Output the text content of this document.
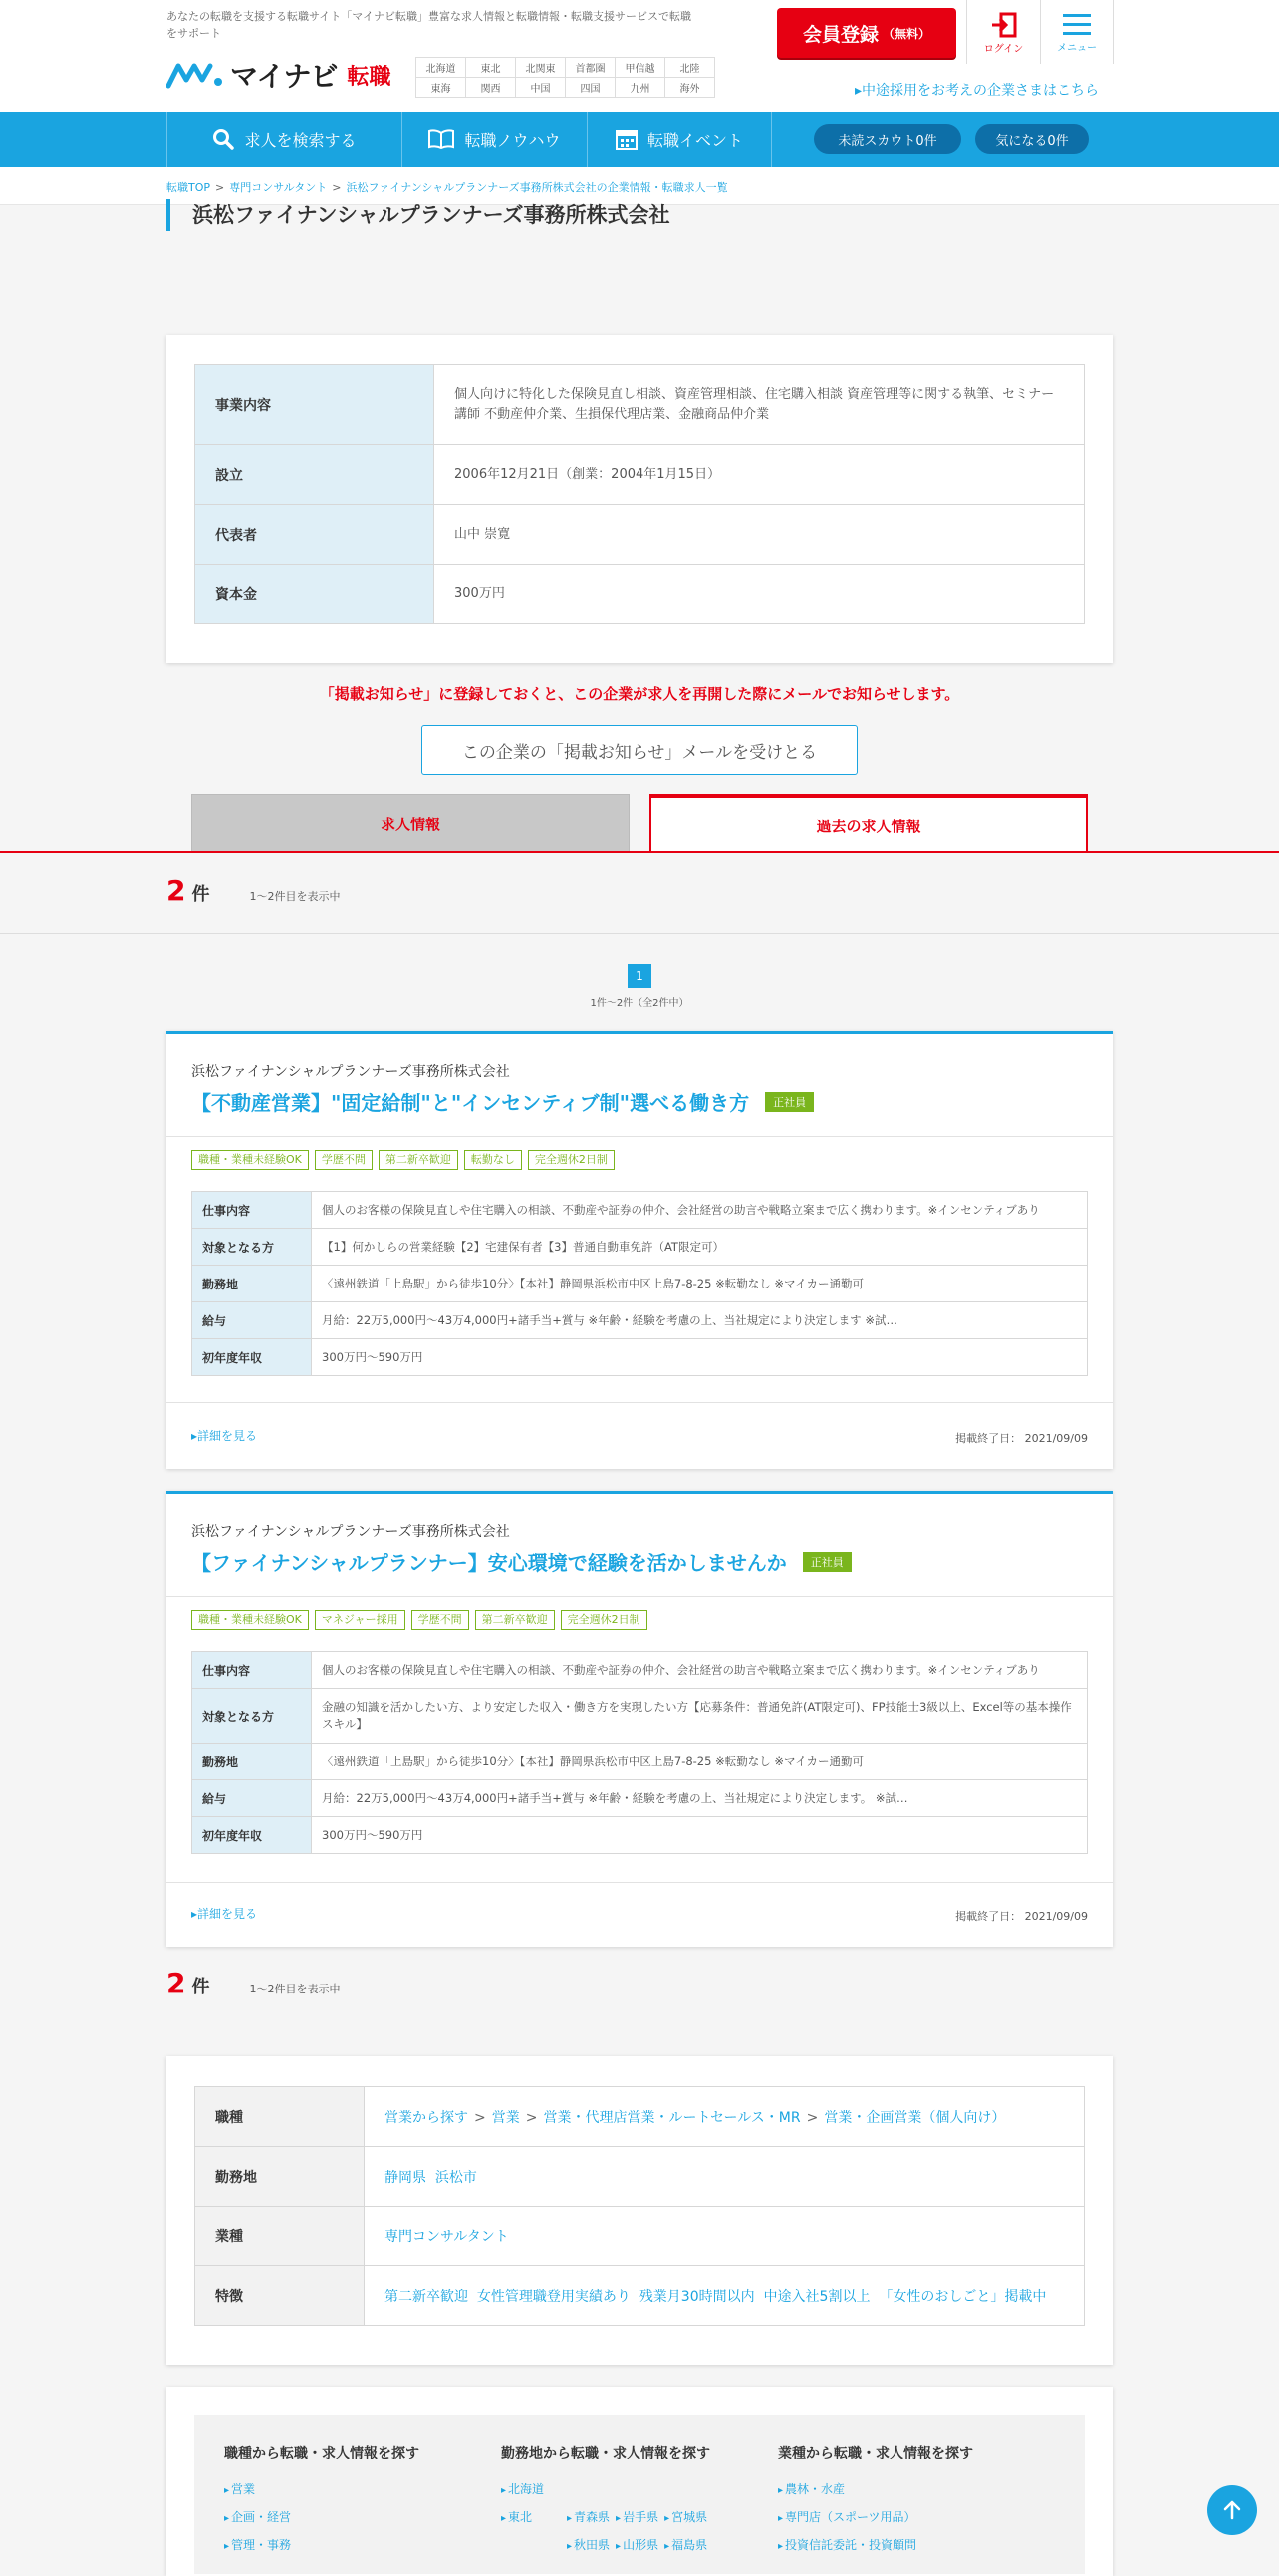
あなたの転職を支援する転職サイト「マイナビ転職」豊富な求人情報と転職情報・転職支援サービスで転職をサポート
マイナビ 転職	北海道	東北	北関東	首都圏	甲信越	北陸
東海	関西	中国	四国	九州	海外
会員登録 （無料）
ログイン	メニュー
▸中途採用をお考えの企業さまはこちら
求人を検索する	転職ノウハウ	転職イベント	未読スカウト0件	気になる0件
転職TOP > 専門コンサルタント > 浜松ファイナンシャルプランナーズ事務所株式会社の企業情報・転職求人一覧
浜松ファイナンシャルプランナーズ事務所株式会社
事業内容	個人向けに特化した保険見直し相談、資産管理相談、住宅購入相談 資産管理等に関する執筆、セミナー講師 不動産仲介業、生損保代理店業、金融商品仲介業
設立	2006年12月21日（創業：2004年1月15日）
代表者	山中 崇寛
資本金	300万円
「掲載お知らせ」に登録しておくと、この企業が求人を再開した際にメールでお知らせします。
この企業の「掲載お知らせ」メールを受けとる
求人情報	過去の求人情報
2 件	1〜2件目を表示中
1
1件〜2件（全2件中）
浜松ファイナンシャルプランナーズ事務所株式会社
【不動産営業】"固定給制"と"インセンティブ制"選べる働き方	正社員
職種・業種未経験OK	学歴不問	第二新卒歓迎	転勤なし	完全週休2日制
仕事内容	個人のお客様の保険見直しや住宅購入の相談、不動産や証券の仲介、会社経営の助言や戦略立案まで広く携わります。※インセンティブあり
対象となる方	【1】何かしらの営業経験【2】宅建保有者【3】普通自動車免許（AT限定可）
勤務地	〈遠州鉄道「上島駅」から徒歩10分〉【本社】静岡県浜松市中区上島7-8-25 ※転勤なし ※マイカー通勤可
給与	月給：22万5,000円〜43万4,000円+諸手当+賞与 ※年齢・経験を考慮の上、当社規定により決定します ※試…
初年度年収	300万円～590万円
▸詳細を見る	掲載終了日： 2021/09/09
浜松ファイナンシャルプランナーズ事務所株式会社
【ファイナンシャルプランナー】安心環境で経験を活かしませんか	正社員
職種・業種未経験OK	マネジャー採用	学歴不問	第二新卒歓迎	完全週休2日制
仕事内容	個人のお客様の保険見直しや住宅購入の相談、不動産や証券の仲介、会社経営の助言や戦略立案まで広く携わります。※インセンティブあり
対象となる方	金融の知識を活かしたい方、より安定した収入・働き方を実現したい方【応募条件：普通免許(AT限定可)、FP技能士3級以上、Excel等の基本操作スキル】
勤務地	〈遠州鉄道「上島駅」から徒歩10分〉【本社】静岡県浜松市中区上島7-8-25 ※転勤なし ※マイカー通勤可
給与	月給：22万5,000円〜43万4,000円+諸手当+賞与 ※年齢・経験を考慮の上、当社規定により決定します。 ※試…
初年度年収	300万円～590万円
▸詳細を見る	掲載終了日： 2021/09/09
2 件	1〜2件目を表示中
職種	営業から探す > 営業 > 営業・代理店営業・ルートセールス・MR > 営業・企画営業（個人向け）
勤務地	静岡県 浜松市
業種	専門コンサルタント
特徴	第二新卒歓迎 女性管理職登用実績あり 残業月30時間以内 中途入社5割以上 「女性のおしごと」掲載中
職種から転職・求人情報を探す
▸ 営業
▸ 企画・経営
▸ 管理・事務
勤務地から転職・求人情報を探す
▸ 北海道
▸ 東北	▸ 青森県	▸ 岩手県	▸ 宮城県
▸ 秋田県	▸ 山形県	▸ 福島県
業種から転職・求人情報を探す
▸ 農林・水産
▸ 専門店（スポーツ用品）
▸ 投資信託委託・投資顧問
